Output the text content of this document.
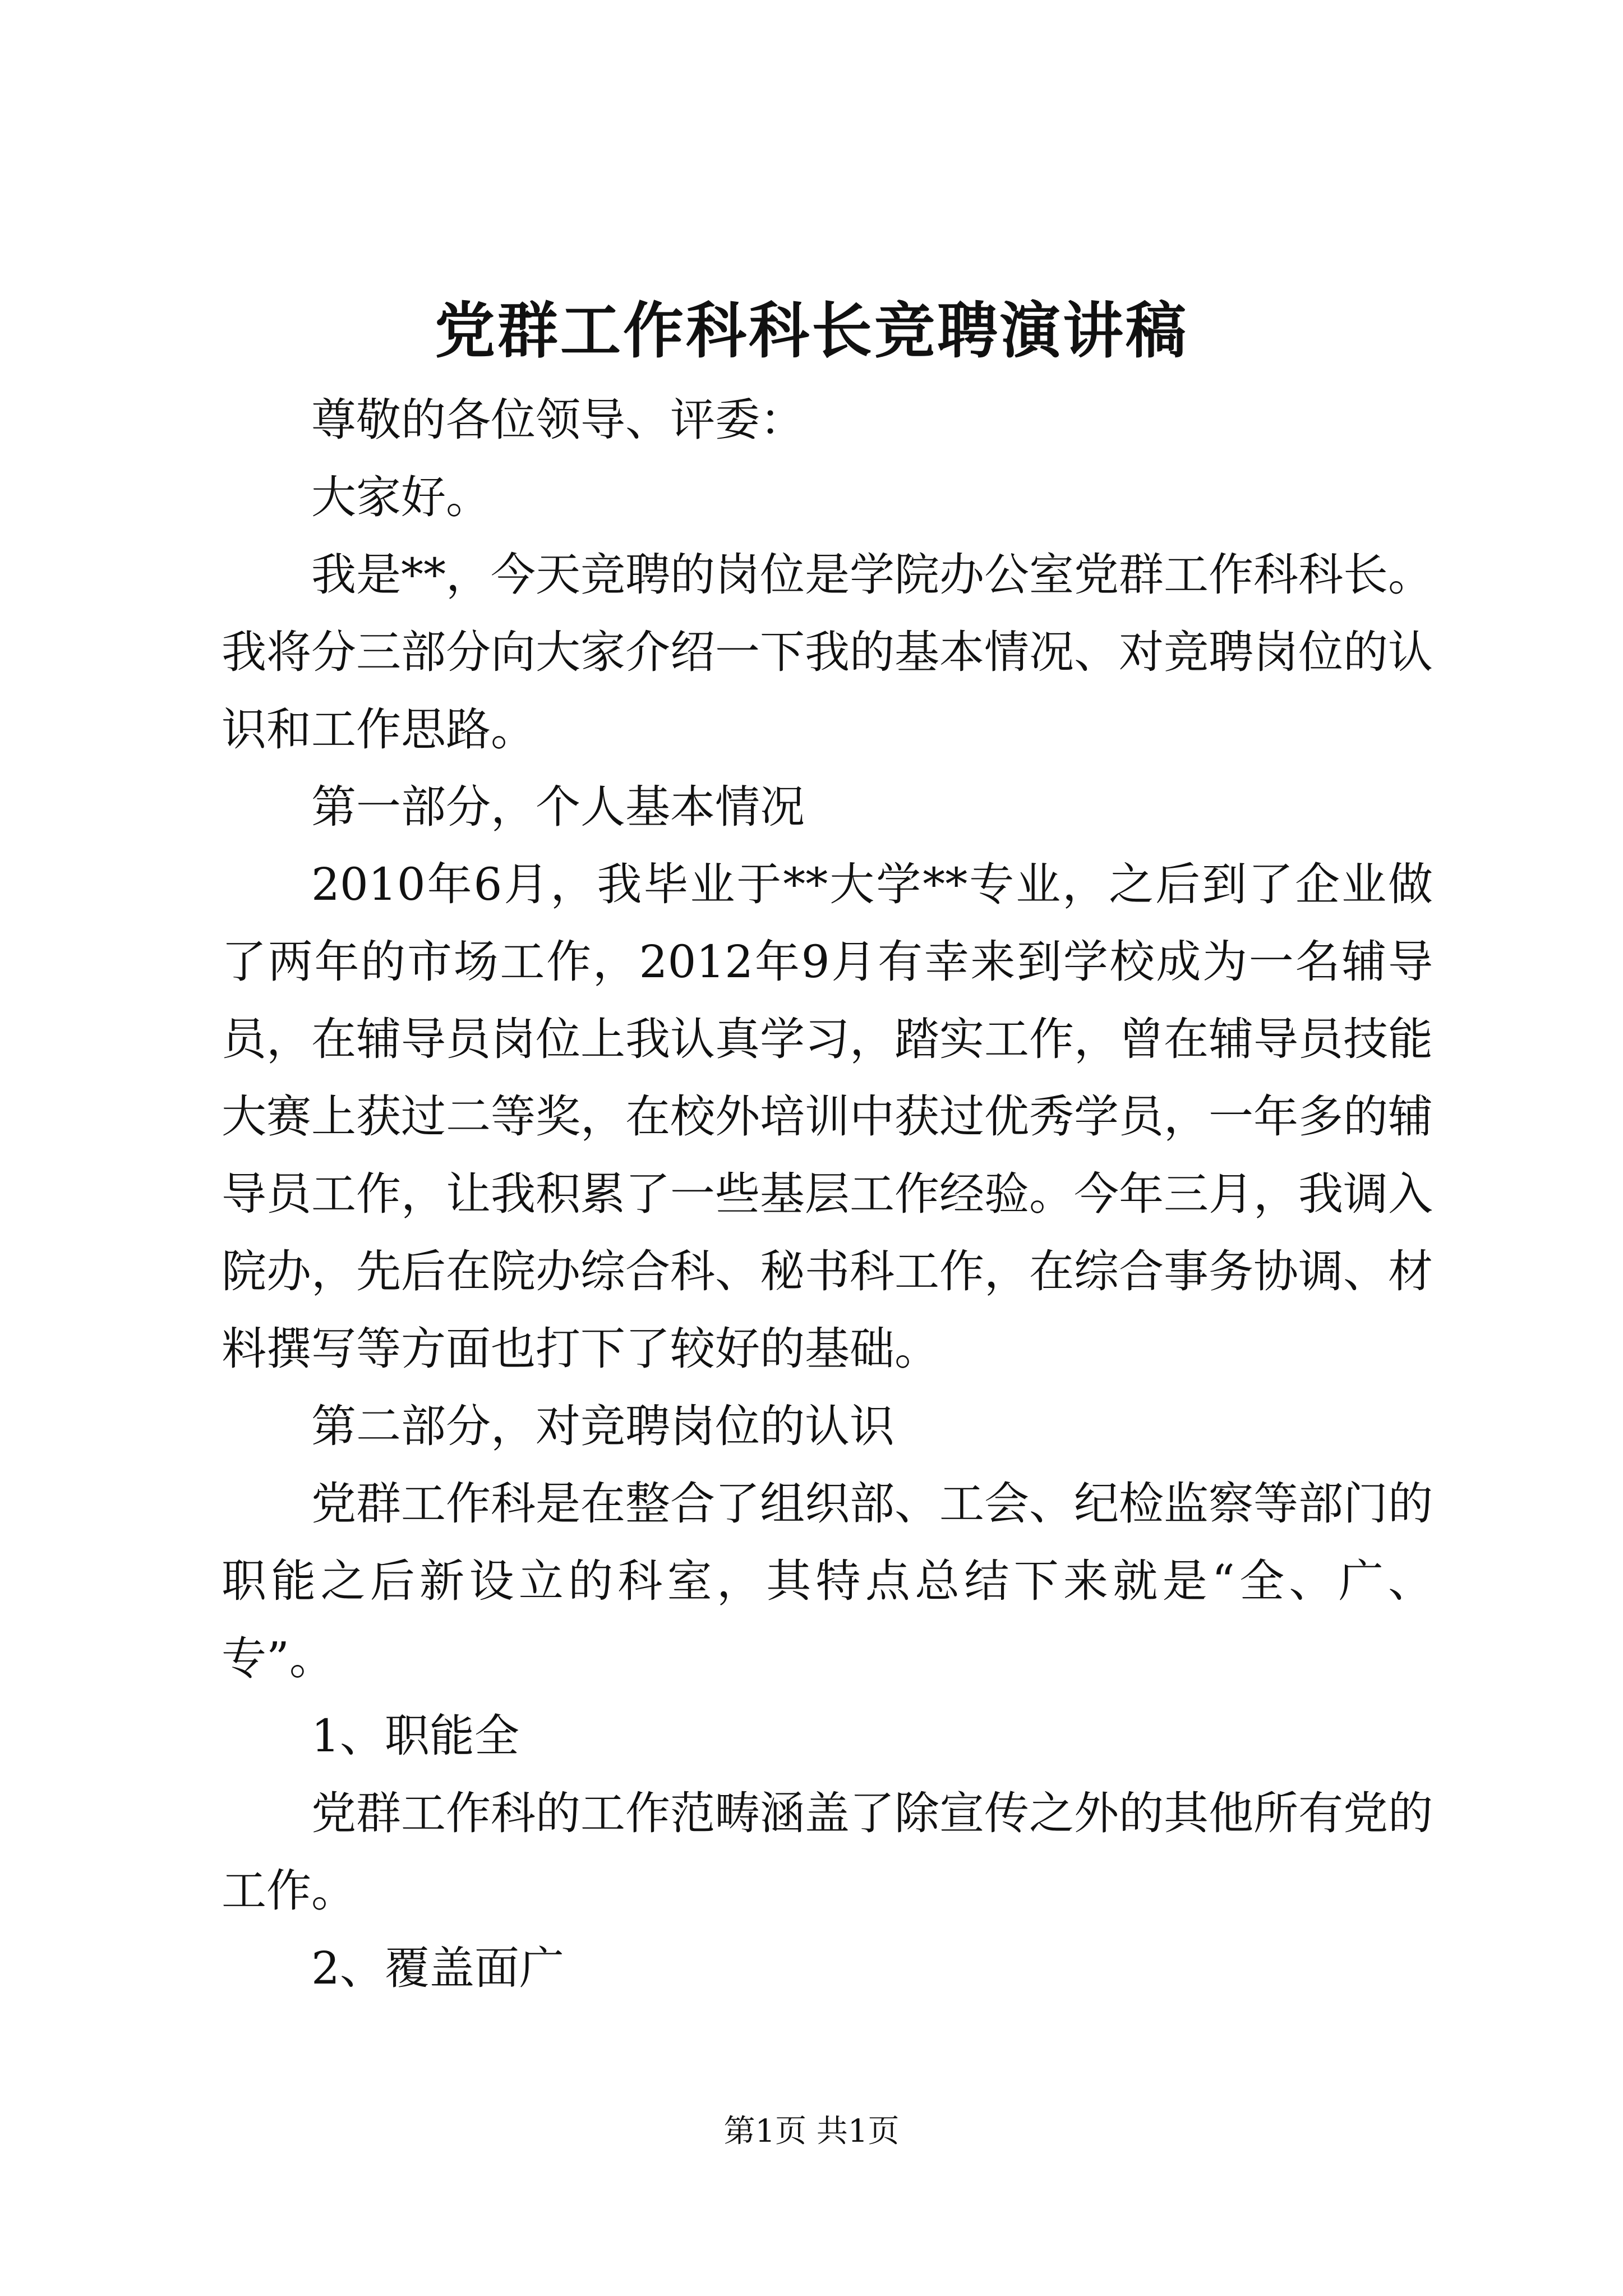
党群工作科科长竞聘演讲稿

尊敬的各位领导、评委：

大家好。

我是**，今天竞聘的岗位是学院办公室党群工作科科长。我将分三部分向大家介绍一下我的基本情况、对竞聘岗位的认识和工作思路。

第一部分，个人基本情况

2010年6月，我毕业于**大学**专业，之后到了企业做了两年的市场工作，2012年9月有幸来到学校成为一名辅导员，在辅导员岗位上我认真学习，踏实工作，曾在辅导员技能大赛上获过二等奖，在校外培训中获过优秀学员，一年多的辅导员工作，让我积累了一些基层工作经验。今年三月，我调入院办，先后在院办综合科、秘书科工作，在综合事务协调、材料撰写等方面也打下了较好的基础。

第二部分，对竞聘岗位的认识

党群工作科是在整合了组织部、工会、纪检监察等部门的职能之后新设立的科室，其特点总结下来就是“全、广、专”。

1、职能全

党群工作科的工作范畴涵盖了除宣传之外的其他所有党的工作。

2、覆盖面广

第1页 共1页
